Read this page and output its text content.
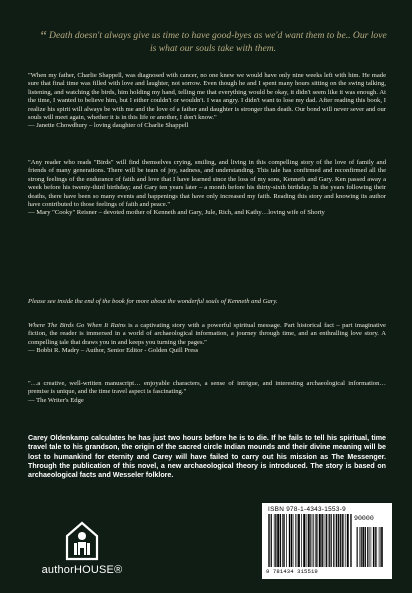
“ Death doesn't always give us time to have good-byes as we'd want them to be.. Our love is what our souls take with them.
"When my father, Charlie Shappell, was diagnosed with cancer, no one knew we would have only nine weeks left with him. He made sure that final time was filled with love and laughter, not sorrow. Even though he and I spent many hours sitting on the swing talking, listening, and watching the birds, him holding my hand, telling me that everything would be okay, it didn't seem like it was enough. At the time, I wanted to believe him, but I either couldn't or wouldn't. I was angry. I didn't want to lose my dad. After reading this book, I realize his spirit will always be with me and the love of a father and daughter is stronger than death. Our bond will never sever and our souls will meet again, whether it is in this life or another, I don't know."
— Janette Chowdhury – loving daughter of Charlie Shappell
"Any reader who reads "Birds" will find themselves crying, smiling, and living in this compelling story of the love of family and friends of many generations. There will be tears of joy, sadness, and understanding. This tale has confirmed and reconfirmed all the strong feelings of the endurance of faith and love that I have learned since the loss of my sons, Kenneth and Gary. Ken passed away a week before his twenty-third birthday; and Gary ten years later – a month before his thirty-sixth birthday. In the years following their deaths, there have been so many events and happenings that have only increased my faith. Reading this story and knowing its author have contributed to those feelings of faith and peace."
— Mary "Cooky" Reisner – devoted mother of Kenneth and Gary, Jule, Rich, and Kathy…loving wife of Shorty
Please see inside the end of the book for more about the wonderful souls of Kenneth and Gary.
Where The Birds Go When It Rains is a captivating story with a powerful spiritual message. Part historical fact – part imaginative fiction, the reader is immersed in a world of archaeological information, a journey through time, and an enthralling love story. A compelling tale that draws you in and keeps you turning the pages."
— Bobbi R. Madry – Author, Senior Editor - Golden Quill Press
"…a creative, well-written manuscript… enjoyable characters, a sense of intrigue, and interesting archaeological information… premise is unique, and the time travel aspect is fascinating."
— The Writer's Edge
Carey Oldenkamp calculates he has just two hours before he is to die. If he fails to tell his spiritual, time travel tale to his grandson, the origin of the sacred circle Indian mounds and their divine meaning will be lost to humankind for eternity and Carey will have failed to carry out his mission as The Messenger. Through the publication of this novel, a new archaeological theory is introduced. The story is based on archaeological facts and Wesseler folklore.
authorHOUSE®
ISBN 978-1-4343-1553-9
90000
9 781434 315519
